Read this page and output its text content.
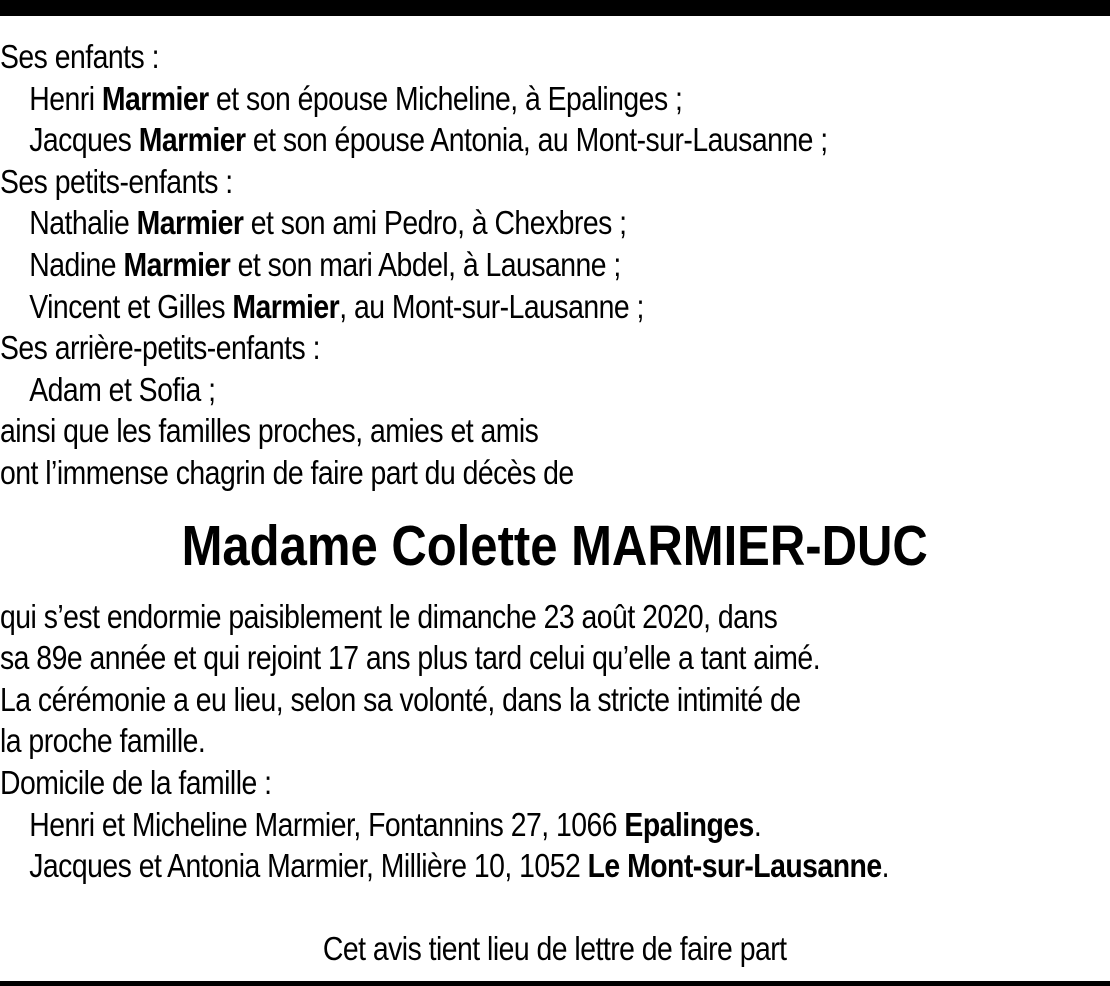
Ses enfants :
Henri Marmier et son épouse Micheline, à Epalinges ;
Jacques Marmier et son épouse Antonia, au Mont-sur-Lausanne ;
Ses petits-enfants :
Nathalie Marmier et son ami Pedro, à Chexbres ;
Nadine Marmier et son mari Abdel, à Lausanne ;
Vincent et Gilles Marmier, au Mont-sur-Lausanne ;
Ses arrière-petits-enfants :
Adam et Sofia ;
ainsi que les familles proches, amies et amis
ont l’immense chagrin de faire part du décès de
Madame Colette MARMIER-DUC
qui s’est endormie paisiblement le dimanche 23 août 2020, dans
sa 89e année et qui rejoint 17 ans plus tard celui qu’elle a tant aimé.
La cérémonie a eu lieu, selon sa volonté, dans la stricte intimité de
la proche famille.
Domicile de la famille :
Henri et Micheline Marmier, Fontannins 27, 1066 Epalinges.
Jacques et Antonia Marmier, Millière 10, 1052 Le Mont-sur-Lausanne.
Cet avis tient lieu de lettre de faire part
